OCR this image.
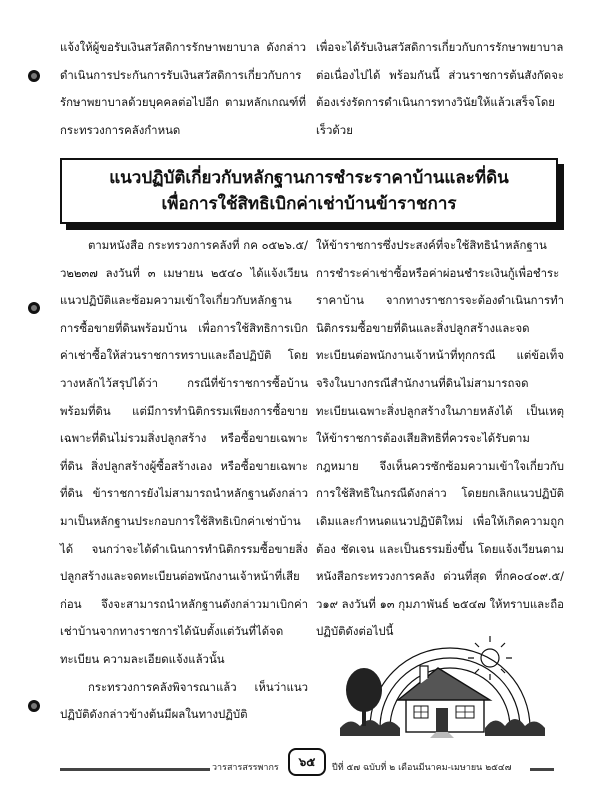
แจ้งให้ผู้ขอรับเงินสวัสดิการรักษาพยาบาล ดังกล่าว ดำเนินการประกันการรับเงินสวัสดิการเกี่ยวกับการรักษาพยาบาลด้วยบุคคลต่อไปอีก ตามหลักเกณฑ์ที่กระทรวงการคลังกำหนด

เพื่อจะได้รับเงินสวัสดิการเกี่ยวกับการรักษาพยาบาลต่อเนื่องไปได้ พร้อมกันนี้ ส่วนราชการต้นสังกัดจะต้องเร่งรัดการดำเนินการทางวินัยให้แล้วเสร็จโดยเร็วด้วย

แนวปฏิบัติเกี่ยวกับหลักฐานการชำระราคาบ้านและที่ดิน
เพื่อการใช้สิทธิเบิกค่าเช่าบ้านข้าราชการ

ตามหนังสือ กระทรวงการคลังที่ กค ๐๕๒๖.๕/ว๒๒๓๗ ลงวันที่ ๓ เมษายน ๒๕๔๐ ได้แจ้งเวียนแนวปฏิบัติและซ้อมความเข้าใจเกี่ยวกับหลักฐานการซื้อขายที่ดินพร้อมบ้าน เพื่อการใช้สิทธิการเบิกค่าเช่าซื้อให้ส่วนราชการทราบและถือปฏิบัติ โดยวางหลักไว้สรุปได้ว่า กรณีที่ข้าราชการซื้อบ้านพร้อมที่ดิน แต่มีการทำนิติกรรมเพียงการซื้อขายเฉพาะที่ดินไม่รวมสิ่งปลูกสร้าง หรือซื้อขายเฉพาะที่ดิน สิ่งปลูกสร้างผู้ซื้อสร้างเอง หรือซื้อขายเฉพาะที่ดิน ข้าราชการยังไม่สามารถนำหลักฐานดังกล่าวมาเป็นหลักฐานประกอบการใช้สิทธิเบิกค่าเช่าบ้านได้ จนกว่าจะได้ดำเนินการทำนิติกรรมซื้อขายสิ่งปลูกสร้างและจดทะเบียนต่อพนักงานเจ้าหน้าที่เสียก่อน จึงจะสามารถนำหลักฐานดังกล่าวมาเบิกค่าเช่าบ้านจากทางราชการได้นับตั้งแต่วันที่ได้จดทะเบียน ความละเอียดแจ้งแล้วนั้น

กระทรวงการคลังพิจารณาแล้ว เห็นว่าแนวปฏิบัติดังกล่าวข้างต้นมีผลในทางปฏิบัติ

ให้ข้าราชการซึ่งประสงค์ที่จะใช้สิทธินำหลักฐานการชำระค่าเช่าซื้อหรือค่าผ่อนชำระเงินกู้เพื่อชำระราคาบ้าน จากทางราชการจะต้องดำเนินการทำนิติกรรมซื้อขายที่ดินและสิ่งปลูกสร้างและจดทะเบียนต่อพนักงานเจ้าหน้าที่ทุกกรณี แต่ข้อเท็จจริงในบางกรณีสำนักงานที่ดินไม่สามารถจดทะเบียนเฉพาะสิ่งปลูกสร้างในภายหลังได้ เป็นเหตุให้ข้าราชการต้องเสียสิทธิที่ควรจะได้รับตามกฎหมาย จึงเห็นควรซักซ้อมความเข้าใจเกี่ยวกับการใช้สิทธิในกรณีดังกล่าว โดยยกเลิกแนวปฏิบัติเดิมและกำหนดแนวปฏิบัติใหม่ เพื่อให้เกิดความถูกต้อง ชัดเจน และเป็นธรรมยิ่งขึ้น โดยแจ้งเวียนตามหนังสือกระทรวงการคลัง ด่วนที่สุด ที่กค๐๔๐๙.๕/ว๑๙ ลงวันที่ ๑๓ กุมภาพันธ์ ๒๕๔๗ ให้ทราบและถือปฏิบัติดังต่อไปนี้

วารสารสรรพากร ๖๕ ปีที่ ๕๗ ฉบับที่ ๒ เดือนมีนาคม-เมษายน ๒๕๔๗
